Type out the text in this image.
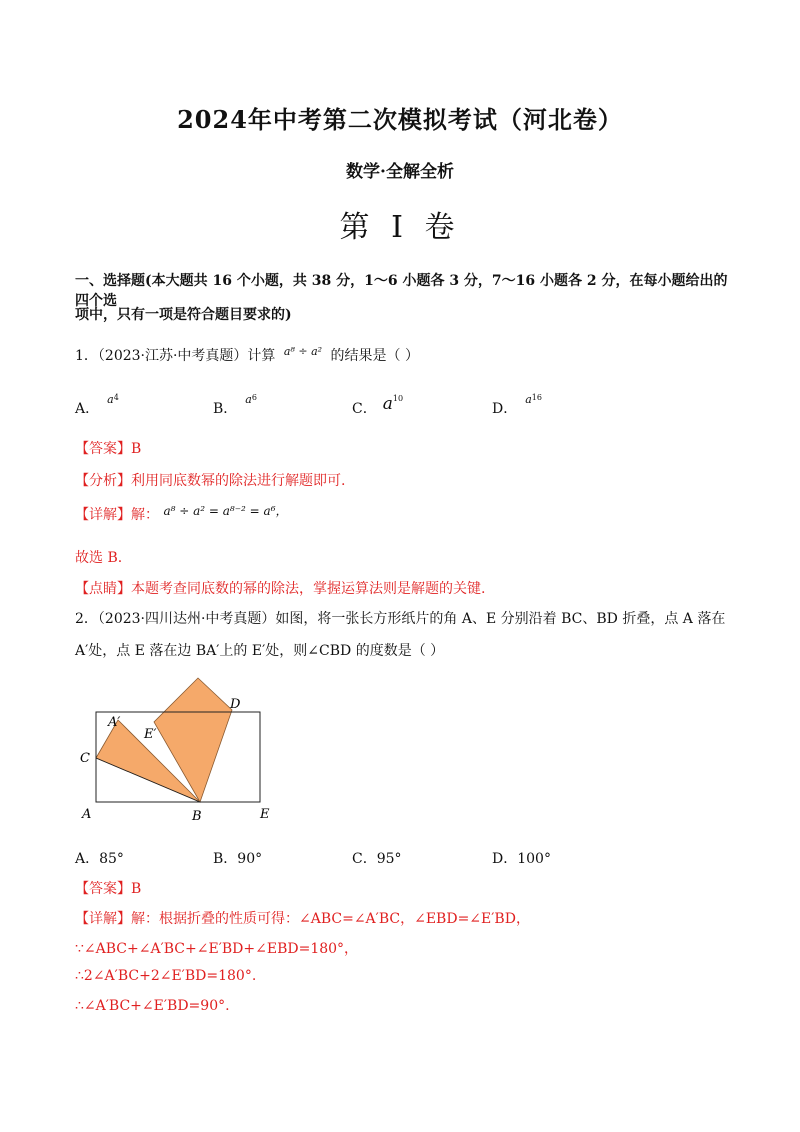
2024年中考第二次模拟考试（河北卷）
数学·全解全析
第 I 卷
一、选择题(本大题共 16 个小题，共 38 分，1～6 小题各 3 分，7～16 小题各 2 分，在每小题给出的四个选
项中，只有一项是符合题目要求的)
1．（2023·江苏·中考真题）计算 $^{a^8 \div a^2}$ 的结果是（ ）
A．$^{a4}$
B．$^{a6}$
C． $a^{10}$
D．$^{a16}$
【答案】B
【分析】利用同底数幂的除法进行解题即可.
【详解】解： a⁸ ÷ a² = a⁸⁻² = a⁶，
故选 B.
【点睛】本题考查同底数的幂的除法，掌握运算法则是解题的关键.
2．（2023·四川达州·中考真题）如图，将一张长方形纸片的角 A、E 分别沿着 BC、BD 折叠，点 A 落在
A′处，点 E 落在边 BA′上的 E′处，则∠CBD 的度数是（ ）
C
A′
E′
D
A	B	E
A．85°	B．90°	C．95°	D．100°
【答案】B
【详解】解：根据折叠的性质可得：∠ABC=∠A′BC，∠EBD=∠E′BD，
∵∠ABC+∠A′BC+∠E′BD+∠EBD=180°，
∴2∠A′BC+2∠E′BD=180°.
∴∠A′BC+∠E′BD=90°.
